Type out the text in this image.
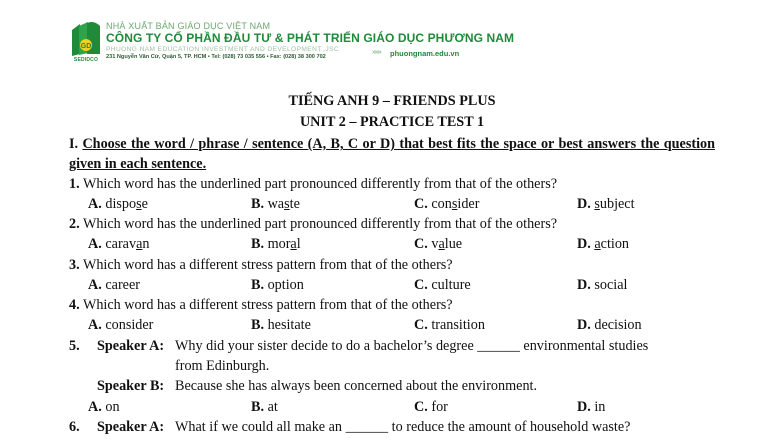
GD
SEDIDCO
NHÀ XUẤT BẢN GIÁO DỤC VIỆT NAM
CÔNG TY CỔ PHẦN ĐẦU TƯ & PHÁT TRIỂN GIÁO DỤC PHƯƠNG NAM
PHUONG NAM EDUCATION INVESTMENT AND DEVELOPMENT.,JSC
231 Nguyễn Văn Cừ, Quận 5, TP. HCM • Tel: (028) 73 035 556 • Fax: (028) 38 300 702
»»» phuongnam.edu.vn
TIẾNG ANH 9 – FRIENDS PLUS
UNIT 2 – PRACTICE TEST 1
I. Choose the word / phrase / sentence (A, B, C or D) that best fits the space or best answers the question given in each sentence.
1. Which word has the underlined part pronounced differently from that of the others?
A. dispose	B. waste	C. consider	D. subject
2. Which word has the underlined part pronounced differently from that of the others?
A. caravan	B. moral	C. value	D. action
3. Which word has a different stress pattern from that of the others?
A. career	B. option	C. culture	D. social
4. Which word has a different stress pattern from that of the others?
A. consider	B. hesitate	C. transition	D. decision
5. Speaker A: Why did your sister decide to do a bachelor’s degree ______ environmental studies
from Edinburgh.
Speaker B: Because she has always been concerned about the environment.
A. on	B. at	C. for	D. in
6. Speaker A: What if we could all make an ______ to reduce the amount of household waste?
